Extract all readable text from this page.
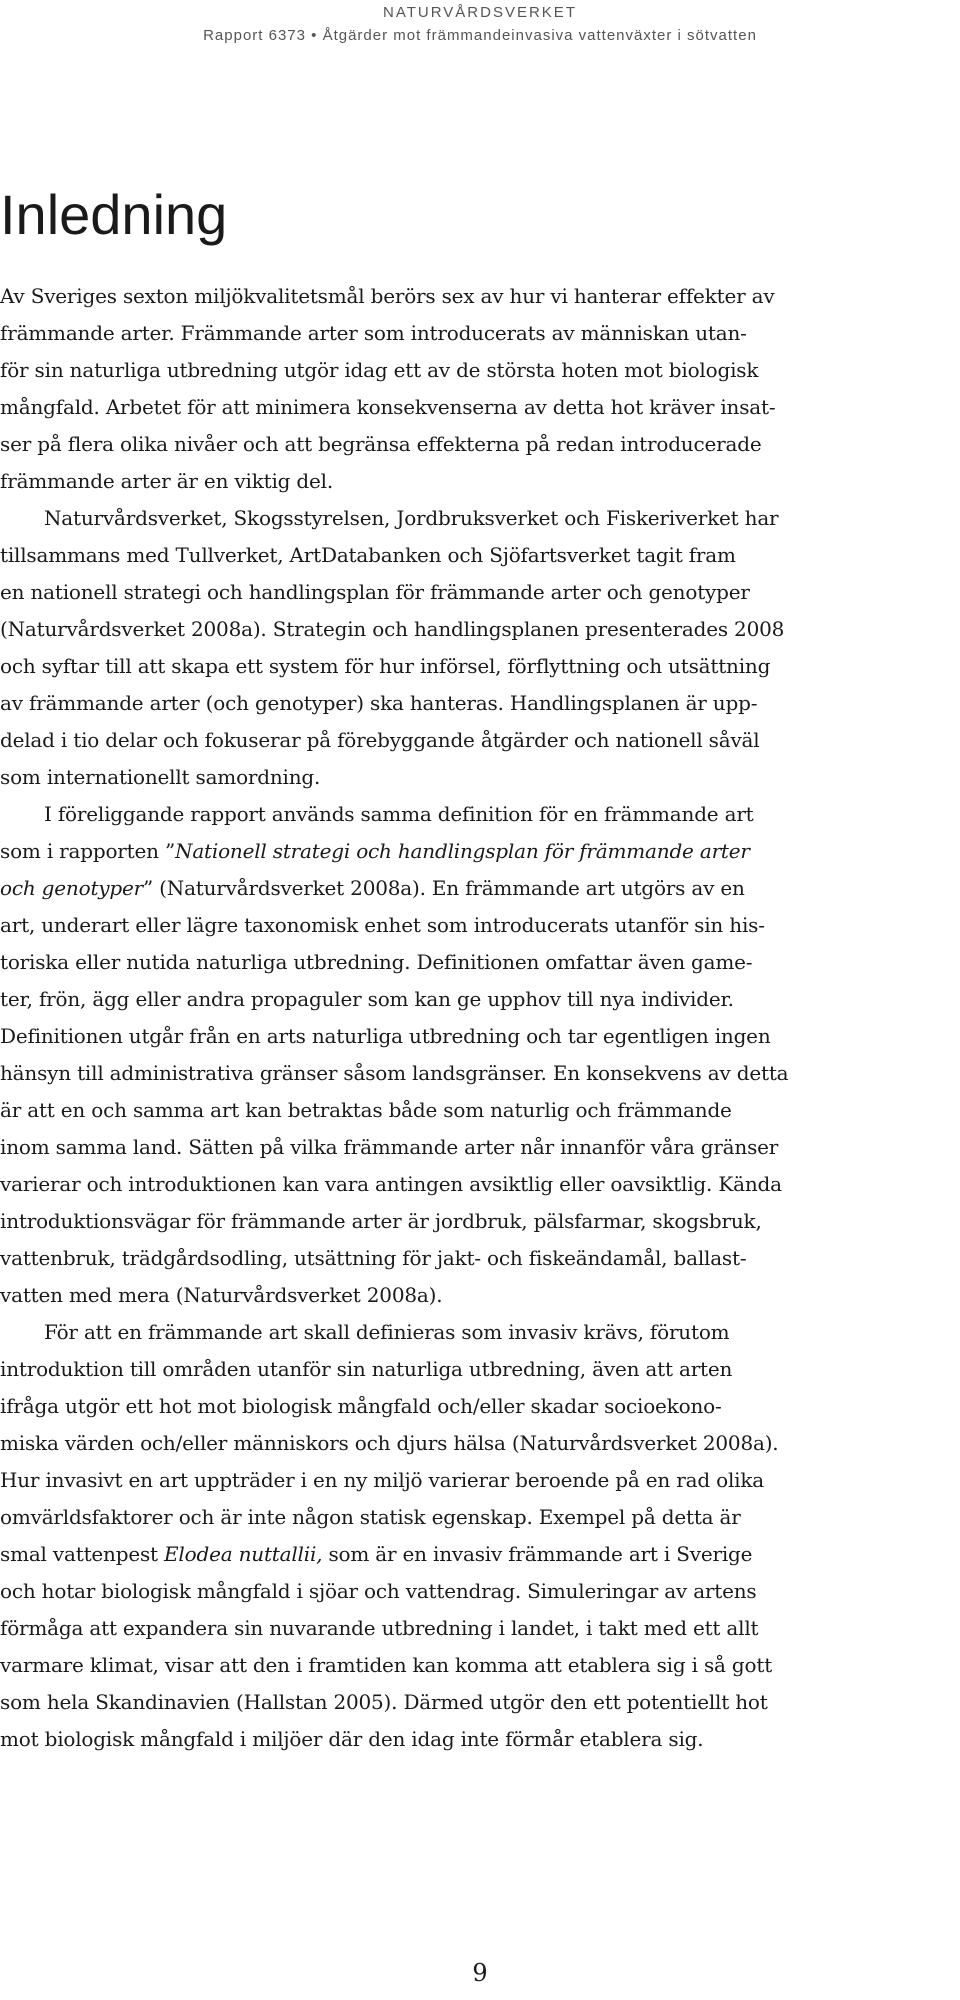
NATURVÅRDSVERKET
Rapport 6373 • Åtgärder mot främmandeinvasiva vattenväxter i sötvatten
Inledning

Av Sveriges sexton miljökvalitetsmål berörs sex av hur vi hanterar effekter av
främmande arter. Främmande arter som introducerats av människan utan-
för sin naturliga utbredning utgör idag ett av de största hoten mot biologisk
mångfald. Arbetet för att minimera konsekvenserna av detta hot kräver insat-
ser på flera olika nivåer och att begränsa effekterna på redan introducerade
främmande arter är en viktig del.

Naturvårdsverket, Skogsstyrelsen, Jordbruksverket och Fiskeriverket har
tillsammans med Tullverket, ArtDatabanken och Sjöfartsverket tagit fram
en nationell strategi och handlingsplan för främmande arter och genotyper
(Naturvårdsverket 2008a). Strategin och handlingsplanen presenterades 2008
och syftar till att skapa ett system för hur införsel, förflyttning och utsättning
av främmande arter (och genotyper) ska hanteras. Handlingsplanen är upp-
delad i tio delar och fokuserar på förebyggande åtgärder och nationell såväl
som internationellt samordning.

I föreliggande rapport används samma definition för en främmande art
som i rapporten ”Nationell strategi och handlingsplan för främmande arter
och genotyper” (Naturvårdsverket 2008a). En främmande art utgörs av en
art, underart eller lägre taxonomisk enhet som introducerats utanför sin his-
toriska eller nutida naturliga utbredning. Definitionen omfattar även game-
ter, frön, ägg eller andra propaguler som kan ge upphov till nya individer.
Definitionen utgår från en arts naturliga utbredning och tar egentligen ingen
hänsyn till administrativa gränser såsom landsgränser. En konsekvens av detta
är att en och samma art kan betraktas både som naturlig och främmande
inom samma land. Sätten på vilka främmande arter når innanför våra gränser
varierar och introduktionen kan vara antingen avsiktlig eller oavsiktlig. Kända
introduktionsvägar för främmande arter är jordbruk, pälsfarmar, skogsbruk,
vattenbruk, trädgårdsodling, utsättning för jakt- och fiskeändamål, ballast-
vatten med mera (Naturvårdsverket 2008a).

För att en främmande art skall definieras som invasiv krävs, förutom
introduktion till områden utanför sin naturliga utbredning, även att arten
ifråga utgör ett hot mot biologisk mångfald och/eller skadar socioekono-
miska värden och/eller människors och djurs hälsa (Naturvårdsverket 2008a).
Hur invasivt en art uppträder i en ny miljö varierar beroende på en rad olika
omvärldsfaktorer och är inte någon statisk egenskap. Exempel på detta är
smal vattenpest Elodea nuttallii, som är en invasiv främmande art i Sverige
och hotar biologisk mångfald i sjöar och vattendrag. Simuleringar av artens
förmåga att expandera sin nuvarande utbredning i landet, i takt med ett allt
varmare klimat, visar att den i framtiden kan komma att etablera sig i så gott
som hela Skandinavien (Hallstan 2005). Därmed utgör den ett potentiellt hot
mot biologisk mångfald i miljöer där den idag inte förmår etablera sig.

9
